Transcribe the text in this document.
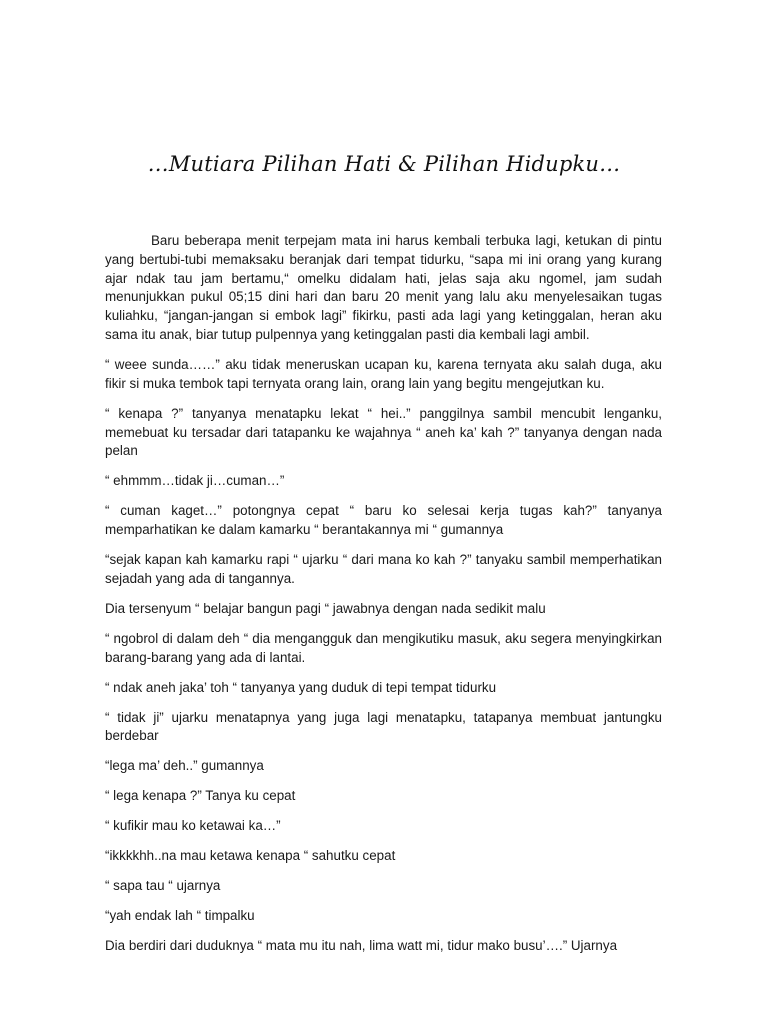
…Mutiara Pilihan Hati & Pilihan Hidupku…

Baru beberapa menit terpejam mata ini harus kembali terbuka lagi, ketukan di pintu yang bertubi-tubi memaksaku beranjak dari tempat tidurku, “sapa mi ini orang yang kurang ajar ndak tau jam bertamu,“ omelku didalam hati, jelas saja aku ngomel, jam sudah menunjukkan pukul 05;15 dini hari dan baru 20 menit yang lalu aku menyelesaikan tugas kuliahku, “jangan-jangan si embok lagi” fikirku, pasti ada lagi yang ketinggalan, heran aku sama itu anak, biar tutup pulpennya yang ketinggalan pasti dia kembali lagi ambil.

“ weee sunda……” aku tidak meneruskan ucapan ku, karena ternyata aku salah duga, aku fikir si muka tembok tapi ternyata orang lain, orang lain yang begitu mengejutkan ku.

“ kenapa ?” tanyanya menatapku lekat “ hei..” panggilnya sambil mencubit lenganku, memebuat ku tersadar dari tatapanku ke wajahnya “ aneh ka’ kah ?” tanyanya dengan nada pelan

“ ehmmm…tidak ji…cuman…”

“ cuman kaget…” potongnya cepat “ baru ko selesai kerja tugas kah?” tanyanya memparhatikan ke dalam kamarku “ berantakannya mi “ gumannya

“sejak kapan kah kamarku rapi “ ujarku “ dari mana ko kah ?” tanyaku sambil memperhatikan sejadah yang ada di tangannya.

Dia tersenyum “ belajar bangun pagi “ jawabnya dengan nada sedikit malu

“ ngobrol di dalam deh “ dia mengangguk dan mengikutiku masuk, aku segera menyingkirkan barang-barang yang ada di lantai.

“ ndak aneh jaka’ toh “ tanyanya yang duduk di tepi tempat tidurku

“ tidak ji” ujarku menatapnya yang juga lagi menatapku, tatapanya membuat jantungku berdebar

“lega ma’ deh..” gumannya

“ lega kenapa ?” Tanya ku cepat

“ kufikir mau ko ketawai ka…”

“ikkkkhh..na mau ketawa kenapa “ sahutku cepat

“ sapa tau “ ujarnya

“yah endak lah “ timpalku

Dia berdiri dari duduknya “ mata mu itu nah, lima watt mi, tidur mako busu’….” Ujarnya
